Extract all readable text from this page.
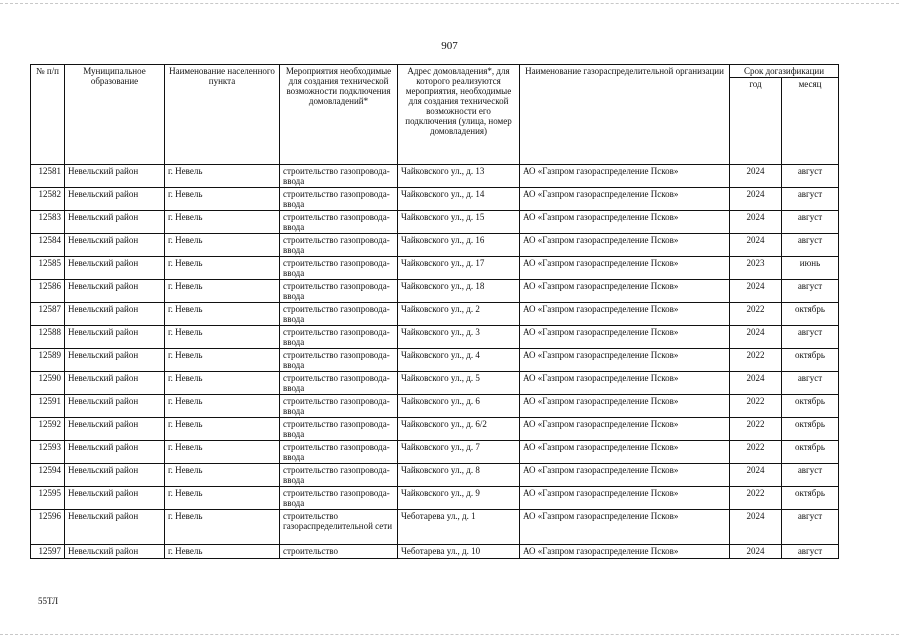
907
№ п/п	Муниципальное образование	Наименование населенного пункта	Мероприятия необходимые для создания технической возможности подключения домовладений*	Адрес домовладения*, для которого реализуются мероприятия, необходимые для создания технической возможности его подключения (улица, номер домовладения)	Наименование газораспределительной организации	Срок догазификации	
						год	месяц
12581	Невельский район	г. Невель	строительство газопровода-ввода	Чайковского ул., д. 13	АО «Газпром газораспределение Псков»	2024	август
12582	Невельский район	г. Невель	строительство газопровода-ввода	Чайковского ул., д. 14	АО «Газпром газораспределение Псков»	2024	август
12583	Невельский район	г. Невель	строительство газопровода-ввода	Чайковского ул., д. 15	АО «Газпром газораспределение Псков»	2024	август
12584	Невельский район	г. Невель	строительство газопровода-ввода	Чайковского ул., д. 16	АО «Газпром газораспределение Псков»	2024	август
12585	Невельский район	г. Невель	строительство газопровода-ввода	Чайковского ул., д. 17	АО «Газпром газораспределение Псков»	2023	июнь
12586	Невельский район	г. Невель	строительство газопровода-ввода	Чайковского ул., д. 18	АО «Газпром газораспределение Псков»	2024	август
12587	Невельский район	г. Невель	строительство газопровода-ввода	Чайковского ул., д. 2	АО «Газпром газораспределение Псков»	2022	октябрь
12588	Невельский район	г. Невель	строительство газопровода-ввода	Чайковского ул., д. 3	АО «Газпром газораспределение Псков»	2024	август
12589	Невельский район	г. Невель	строительство газопровода-ввода	Чайковского ул., д. 4	АО «Газпром газораспределение Псков»	2022	октябрь
12590	Невельский район	г. Невель	строительство газопровода-ввода	Чайковского ул., д. 5	АО «Газпром газораспределение Псков»	2024	август
12591	Невельский район	г. Невель	строительство газопровода-ввода	Чайковского ул., д. 6	АО «Газпром газораспределение Псков»	2022	октябрь
12592	Невельский район	г. Невель	строительство газопровода-ввода	Чайковского ул., д. 6/2	АО «Газпром газораспределение Псков»	2022	октябрь
12593	Невельский район	г. Невель	строительство газопровода-ввода	Чайковского ул., д. 7	АО «Газпром газораспределение Псков»	2022	октябрь
12594	Невельский район	г. Невель	строительство газопровода-ввода	Чайковского ул., д. 8	АО «Газпром газораспределение Псков»	2024	август
12595	Невельский район	г. Невель	строительство газопровода-ввода	Чайковского ул., д. 9	АО «Газпром газораспределение Псков»	2022	октябрь
12596	Невельский район	г. Невель	строительство газораспределительной сети	Чеботарева ул., д. 1	АО «Газпром газораспределение Псков»	2024	август
12597	Невельский район	г. Невель	строительство	Чеботарева ул., д. 10	АО «Газпром газораспределение Псков»	2024	август
55ТЛ
